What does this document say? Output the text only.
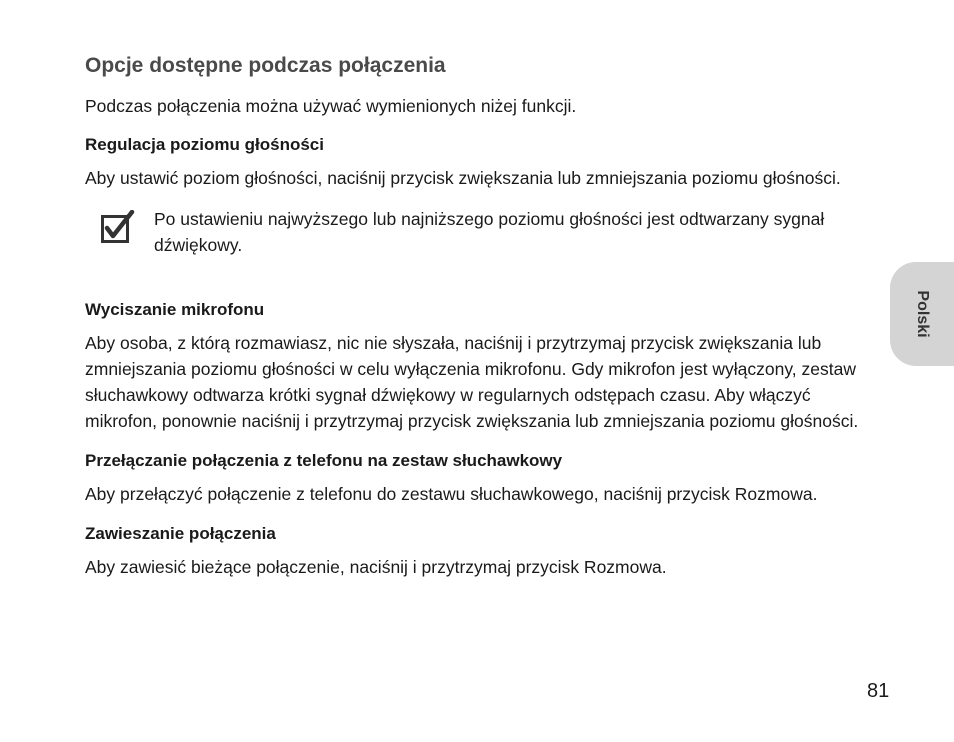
Opcje dostępne podczas połączenia

Podczas połączenia można używać wymienionych niżej funkcji.

Regulacja poziomu głośności

Aby ustawić poziom głośności, naciśnij przycisk zwiększania lub zmniejszania poziomu głośności.

Po ustawieniu najwyższego lub najniższego poziomu głośności jest odtwarzany sygnał dźwiękowy.

Wyciszanie mikrofonu

Aby osoba, z którą rozmawiasz, nic nie słyszała, naciśnij i przytrzymaj przycisk zwiększania lub zmniejszania poziomu głośności w celu wyłączenia mikrofonu. Gdy mikrofon jest wyłączony, zestaw słuchawkowy odtwarza krótki sygnał dźwiękowy w regularnych odstępach czasu. Aby włączyć mikrofon, ponownie naciśnij i przytrzymaj przycisk zwiększania lub zmniejszania poziomu głośności.

Przełączanie połączenia z telefonu na zestaw słuchawkowy

Aby przełączyć połączenie z telefonu do zestawu słuchawkowego, naciśnij przycisk Rozmowa.

Zawieszanie połączenia

Aby zawiesić bieżące połączenie, naciśnij i przytrzymaj przycisk Rozmowa.

Polski
81
